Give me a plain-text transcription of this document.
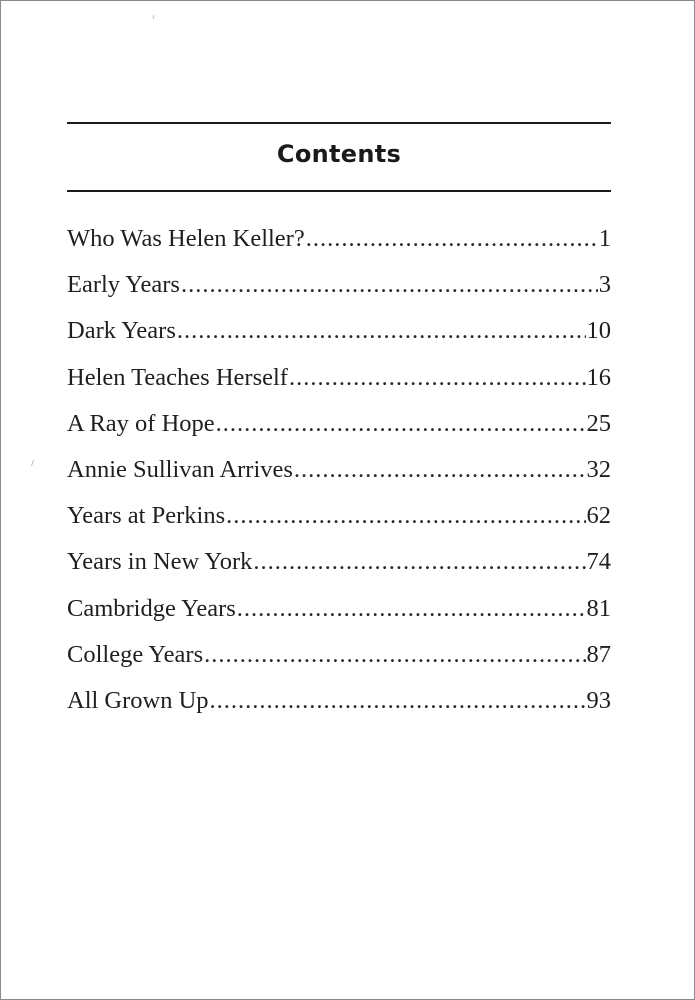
Contents
Who Was Helen Keller? .....	1
Early Years .....	3
Dark Years .....	10
Helen Teaches Herself .....	16
A Ray of Hope .....	25
Annie Sullivan Arrives .....	32
Years at Perkins .....	62
Years in New York .....	74
Cambridge Years .....	81
College Years .....	87
All Grown Up .....	93
